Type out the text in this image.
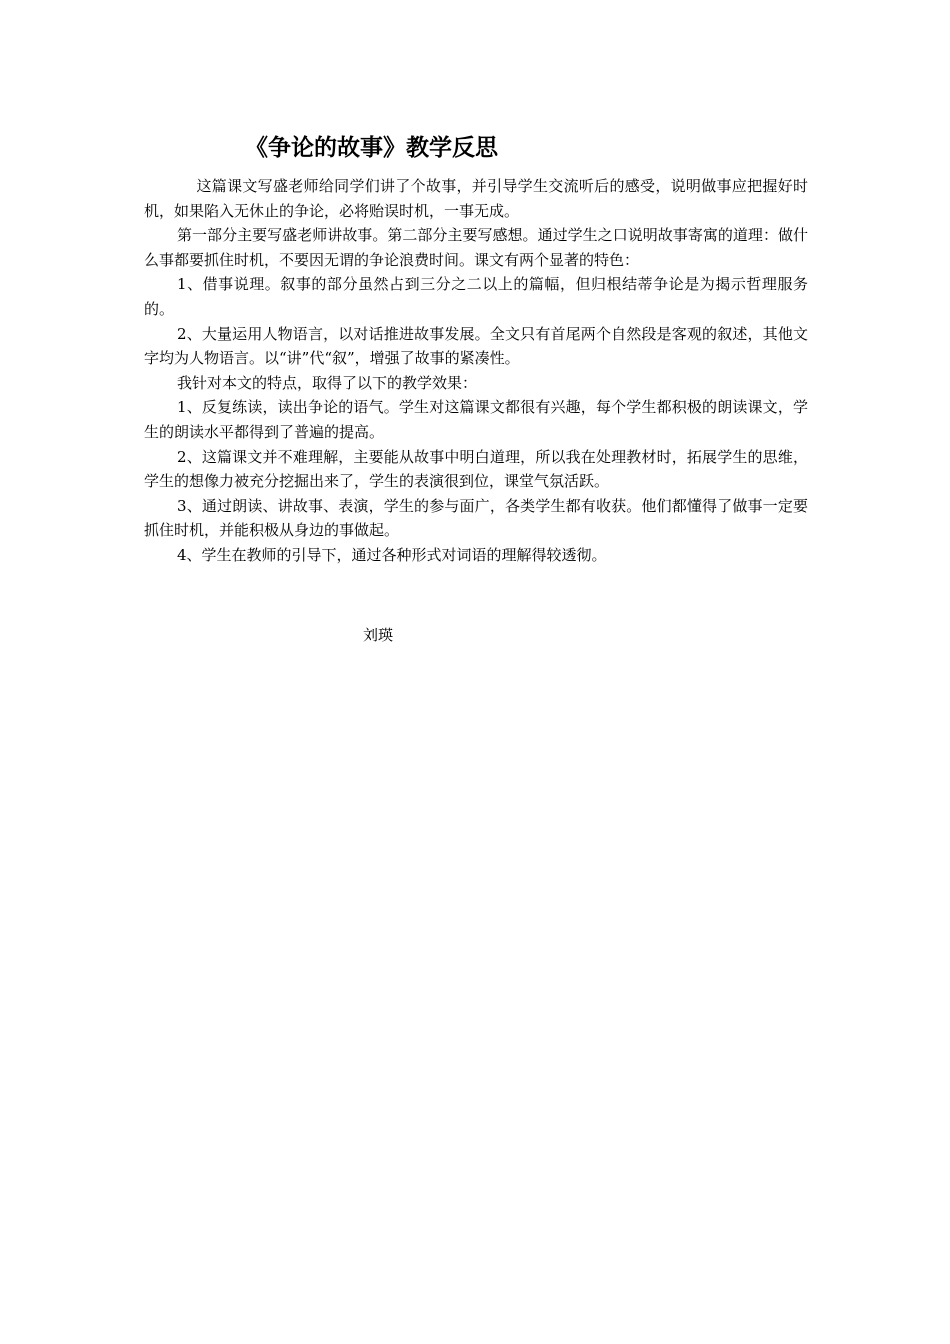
《争论的故事》教学反思

这篇课文写盛老师给同学们讲了个故事，并引导学生交流听后的感受，说明做事应把握好时机，如果陷入无休止的争论，必将贻误时机，一事无成。

第一部分主要写盛老师讲故事。第二部分主要写感想。通过学生之口说明故事寄寓的道理：做什么事都要抓住时机，不要因无谓的争论浪费时间。课文有两个显著的特色：

1、借事说理。叙事的部分虽然占到三分之二以上的篇幅，但归根结蒂争论是为揭示哲理服务的。

2、大量运用人物语言，以对话推进故事发展。全文只有首尾两个自然段是客观的叙述，其他文字均为人物语言。以“讲”代“叙”，增强了故事的紧凑性。

我针对本文的特点，取得了以下的教学效果：

1、反复练读，读出争论的语气。学生对这篇课文都很有兴趣，每个学生都积极的朗读课文，学生的朗读水平都得到了普遍的提高。

2、这篇课文并不难理解，主要能从故事中明白道理，所以我在处理教材时，拓展学生的思维，学生的想像力被充分挖掘出来了，学生的表演很到位，课堂气氛活跃。

3、通过朗读、讲故事、表演，学生的参与面广，各类学生都有收获。他们都懂得了做事一定要抓住时机，并能积极从身边的事做起。

4、学生在教师的引导下，通过各种形式对词语的理解得较透彻。

刘瑛
